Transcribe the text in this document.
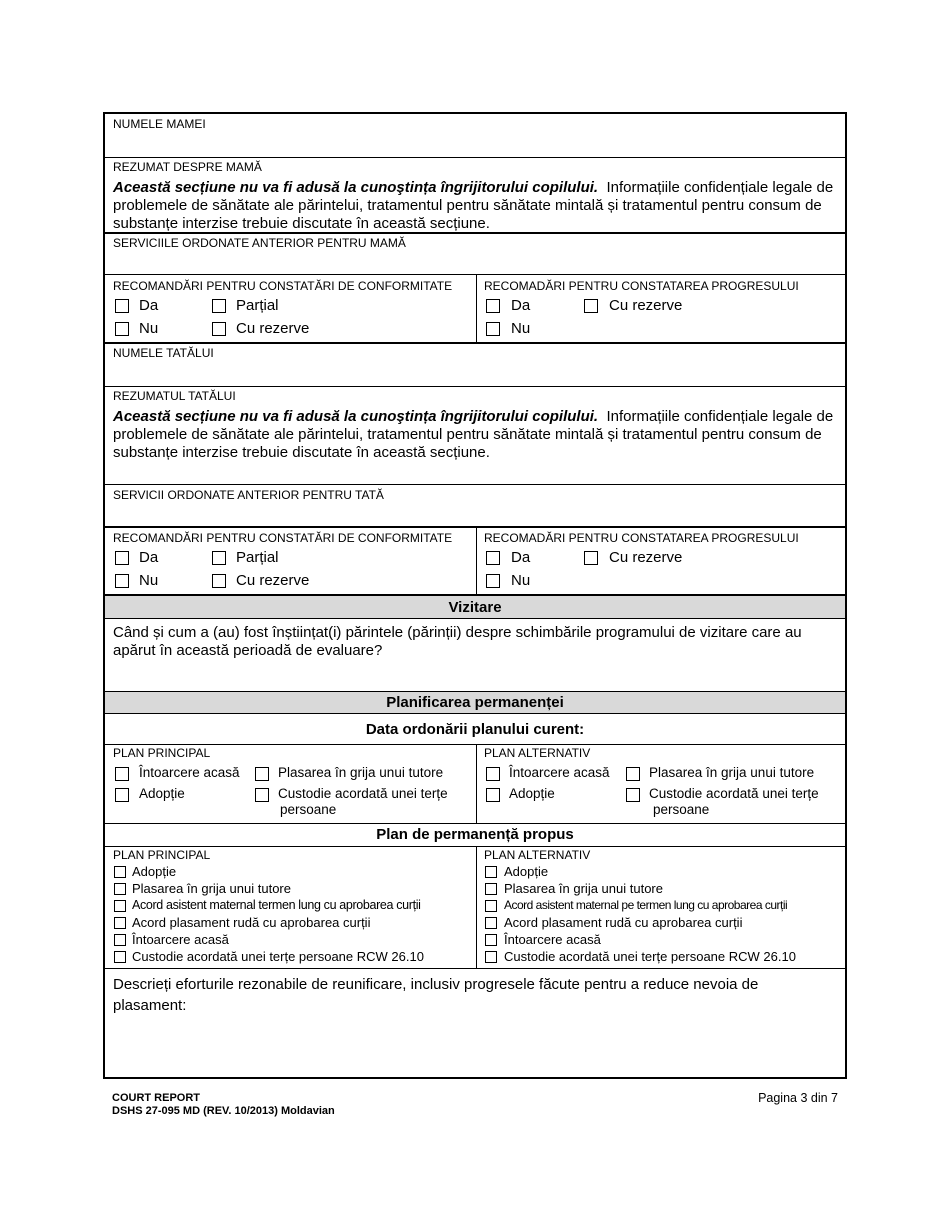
NUMELE MAMEI
REZUMAT DESPRE MAMĂ
Această secțiune nu va fi adusă la cunoştința îngrijitorului copilului. Informațiile confidențiale legale de problemele de sănătate ale părintelui, tratamentul pentru sănătate mintală și tratamentul pentru consum de substanțe interzise trebuie discutate în această secțiune.
SERVICIILE ORDONATE ANTERIOR PENTRU MAMĂ
RECOMANDĂRI PENTRU CONSTATĂRI DE CONFORMITATE
Da	Parțial
Nu	Cu rezerve
RECOMADĂRI PENTRU CONSTATAREA PROGRESULUI
Da	Cu rezerve
Nu
NUMELE TATĂLUI
REZUMATUL TATĂLUI
Această secțiune nu va fi adusă la cunoştința îngrijitorului copilului. Informațiile confidențiale legale de problemele de sănătate ale părintelui, tratamentul pentru sănătate mintală și tratamentul pentru consum de substanțe interzise trebuie discutate în această secțiune.
SERVICII ORDONATE ANTERIOR PENTRU TATĂ
RECOMANDĂRI PENTRU CONSTATĂRI DE CONFORMITATE
Da	Parțial
Nu	Cu rezerve
RECOMADĂRI PENTRU CONSTATAREA PROGRESULUI
Da	Cu rezerve
Nu
Vizitare
Când și cum a (au) fost înștiințat(i) părintele (părinții) despre schimbările programului de vizitare care au apărut în această perioadă de evaluare?
Planificarea permanenței
Data ordonării planului curent:
PLAN PRINCIPAL
Întoarcere acasă	Plasarea în grija unui tutore
Adopție	Custodie acordată unei terțe
persoane
PLAN ALTERNATIV
Întoarcere acasă	Plasarea în grija unui tutore
Adopție	Custodie acordată unei terțe
persoane
Plan de permanență propus
PLAN PRINCIPAL
Adopție
Plasarea în grija unui tutore
Acord asistent maternal termen lung cu aprobarea curții
Acord plasament rudă cu aprobarea curții
Întoarcere acasă
Custodie acordată unei terțe persoane RCW 26.10
PLAN ALTERNATIV
Adopție
Plasarea în grija unui tutore
Acord asistent maternal pe termen lung cu aprobarea curții
Acord plasament rudă cu aprobarea curții
Întoarcere acasă
Custodie acordată unei terțe persoane RCW 26.10
Descrieți eforturile rezonabile de reunificare, inclusiv progresele făcute pentru a reduce nevoia de plasament:
COURT REPORT
DSHS 27-095 MD (REV. 10/2013) Moldavian
Pagina 3 din 7
